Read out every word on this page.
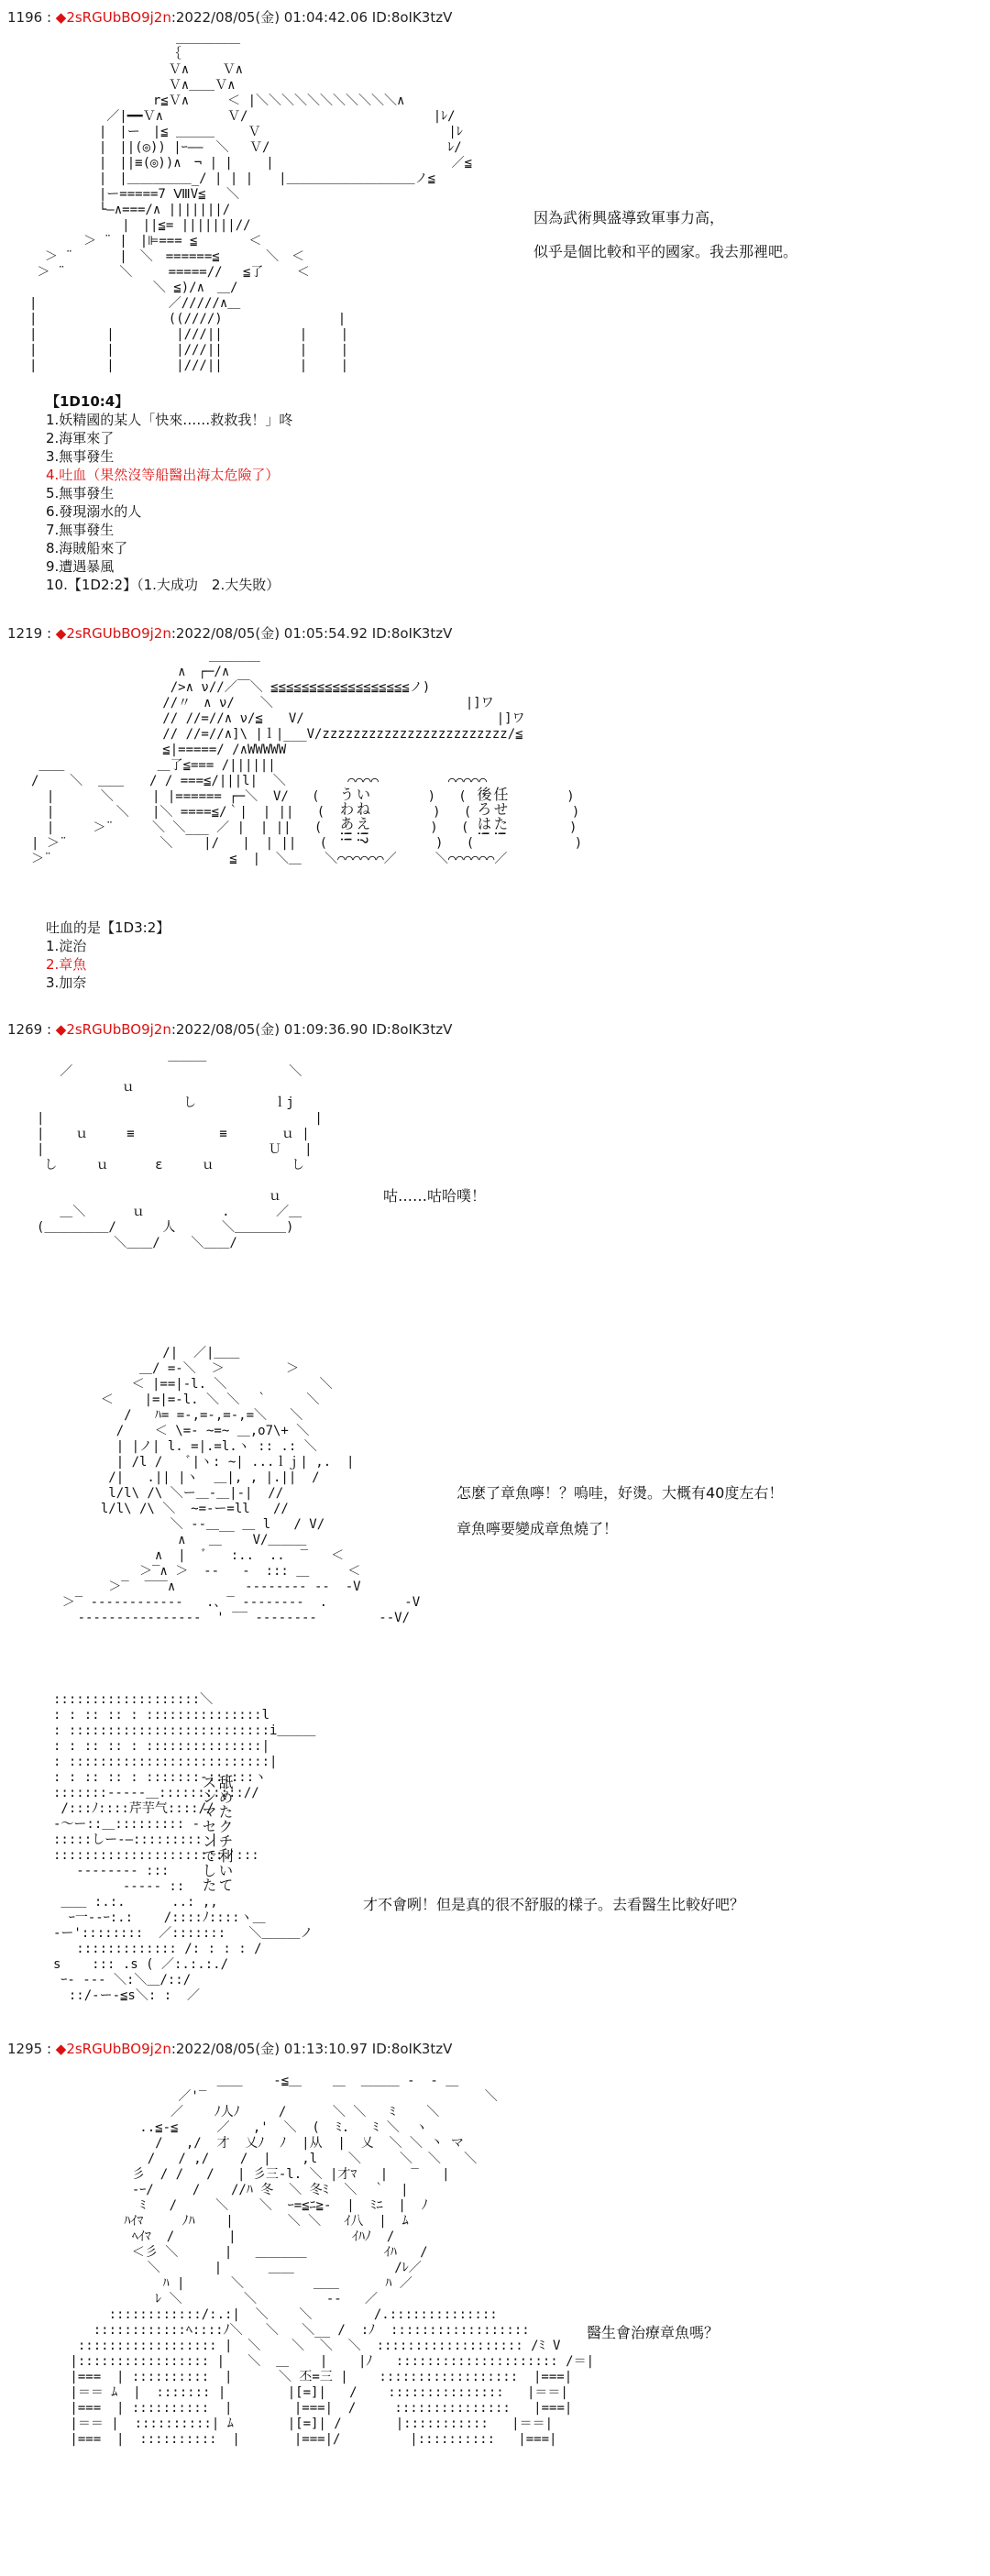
1196 : ◆2sRGUbBO9j2n:2022/08/05(金) 01:04:42.06 ID:8oIK3tzV
＿＿＿＿＿
｛
Ｖ∧　　 Ｖ∧
Ｖ∧＿＿Ｖ∧
r≦Ｖ∧　　　＜ |＼＼＼＼＼＼＼＼＼＼＼∧
／|━━Ｖ∧　　　　　Ｖ/                        |ﾚ/
|　|ー　|≦ ＿＿＿　　 Ｖ　　                     |ﾚ
|　||(◎)) |ｰ――　＼　 Ｖ/                       ﾚ/
|　||≡(◎))∧　¬ | |　　 |                       ／≦
|　|＿＿＿＿＿_/ | | |　　|＿＿＿＿＿＿＿＿＿＿ノ≦
|ー=====7 ⅧV≦　 ＼
└―∧===/∧ |||||||/
|　||≦= |||||||//
＞ ¨ |　|⊫=== ≦　　　　＜
＞ ¨      |　＼　======≦　　　 ＼　＜
＞ ¨       ＼  　 =====//　 ≦了　　 ＜
＼ ≦)/∧　＿/
|                 ／/////∧＿
|                 ((////)　　　　　　　　　|
|         |        |///||　　　　　　|　　 |
|         |        |///||　　　　　　|　　 |
|         |        |///||　　　　　　|　　 |
因為武術興盛導致軍事力高，
似乎是個比較和平的國家。我去那裡吧。
【1D10:4】
1.妖精國的某人「快來……救救我！」咚
2.海軍來了
3.無事發生
4.吐血（果然沒等船醫出海太危險了）
5.無事發生
6.發現溺水的人
7.無事發生
8.海賊船來了
9.遭遇暴風
10.【1D2:2】（1.大成功　2.大失敗）
1219 : ◆2sRGUbBO9j2n:2022/08/05(金) 01:05:54.92 ID:8oIK3tzV
＿＿＿＿
∧　┌─/∧
/>∧ ν//／￣＼ ≦≦≦≦≦≦≦≦≦≦≦≦≦≦≦≦≦≦ノ)
//〃　∧ ν/　　＼　　　　　　　　　　　　　　　|]ワ
// //=//∧ ν/≦　　V/　　　　　　　　　　　　　　　|]ワ
// //=//∧]\ |ｌ|___V/zzzzzzzzzzzzzzzzzzzzzzzz/≦
≦|=====/ /∧WWWWW
＿＿            ＿了≦=== /||||||
/    ＼  ＿＿　　/ / ===≦/|||l|  ＼        ⌒⌒⌒⌒         ⌒⌒⌒⌒⌒
|      ＼     | |====== ┌─＼  V/   (              )   (             )
|        ＼   |＼ ====≦/｀|  | ||   (              )   (             )
|     ＞¨     ＼ ＼___ ／ |  | ||   (              )   (             )
| ＞¨            ＼    |/   |  | ||   (              )   (             )
＞¨                       ≦  |  ＼＿   ＼⌒⌒⌒⌒⌒⌒／     ＼⌒⌒⌒⌒⌒⌒／
いねえ!?
うわあ!!	任せた!
後ろは!
吐血的是【1D3:2】
1.淀治
2.章魚
3.加奈
1269 : ◆2sRGUbBO9j2n:2022/08/05(金) 01:09:36.90 ID:8oIK3tzV
＿＿＿
／                            ＼
ｕ
し          ｌj
|                                   |
|    ｕ     ≡           ≡       ｕ |
|                             Ｕ   |
し     ｕ      ε     ｕ          し

ｕ
＿＼      ｕ          .      ／＿
(＿＿＿＿＿/      人      ＼＿＿＿＿)
＼＿＿/    ＼＿＿/
咕……咕哈噗！
/|  ／|＿＿
＿/ =-＼  ＞        ＞
＜ |==|-l. ＼            ＼
＜    |=|=-l. ＼ ＼  ｀     ＼
/   ﾊ= =-,=-,=-,=＼   ＼
/    ＜ \=- ~=~ ＿,o7\+ ＼
| |ノ| l. =|.=l.ヽ :: .: ＼
| /l /   ﾞ|ヽ: ~| ...ｌｊ| ,.  |
/|   .|| |ヽ  ＿|, , |.||  /
l/l\ /\ ＼ー＿-＿|-|  //
l/l\ /\ ＼  ~=‐ー=ll   //
＼ ‐-＿__ ＿ l   / V/
∧   ＿    V/＿＿＿
∧  |  ﾞ   :..  ..  ‾   ＜
＞‾∧ ＞  ‐‐   ‐  ::: ＿     ＜
＞‾  ‾‾‾∧         ‐‐‐‐‐‐‐‐ ‐‐  ‐V
＞‾ ‐‐‐‐‐‐‐‐‐‐‐‐   .、‾ ‐‐‐‐‐‐‐‐  .          ‐V
‐‐‐‐‐‐‐‐‐‐‐‐‐‐‐‐  ' ‾‾ ‐‐‐‐‐‐‐‐        ‐‐V/
怎麼了章魚嚀！？嗚哇，好燙。大概有40度左右！
章魚嚀要變成章魚燒了！
:::::::::::::::::::＼
: : :: :: : :::::::::::::::l
: ::::::::::::::::::::::::::i＿＿＿
: : :: :: : :::::::::::::::|
: ::::::::::::::::::::::::::|
: : :: :: : :::::::-::::::ヽ
:::::::‐‐‐‐‐＿::::::::::://
/:::ﾉ::::芹芋气:::://
‐〜ー::＿::::::::: ‐
:::::しー‐―::::::::: |
::::::::::::::::::::::ノ:::
‐‐‐‐‐‐‐‐ :::
‐‐‐‐‐ ::
＿＿ :.:.      ..: ,,
ｰ一--ｰ:.:    /::::ﾉ::::ヽ＿
‐ー'::::::::  ／:::::::   ＼＿＿＿ノ
::::::::::::: /: : : : /
s    ::: .s ( ／:.:.:./
ｰ‐ ‐‐‐ ＼:＼＿/::/
::/‐ー‐≦s＼: :  ／
舐めたクチ利いて
スンマセンでした
才不會咧！但是真的很不舒服的樣子。去看醫生比較好吧？
1295 : ◆2sRGUbBO9j2n:2022/08/05(金) 01:13:10.97 ID:8oIK3tzV
＿＿    -≦＿    ＿  ＿＿＿ ‐  - ＿
／'‾                                    ＼
／    ﾉ人ﾉ     /      ＼ ＼   ﾐ    ＼
..≦‐≦     ／   ,'  ＼  (  ﾐ.   ﾐ ＼  ヽ
/   ,/  才  乂ﾉ  ﾉ  |从  |  乂  ＼ ＼ 丶 マ
/   / ,/    /  |    ,l    ＼     ＼  ＼   ＼
彡  / /   /   | 彡三-l. ＼ |才ﾏ   |   ‾   |
‐ｰ/     /    //ﾊ 冬  ＼ 冬ﾐ  ＼  ｀  |
ﾐ   /     ＼    ＼  ｰ=≦ﾆ≧-  |  ﾐﾆ  |  ﾉ
ﾊｲﾏ     ﾉﾊ    |       ＼ ＼   ｲ八  |  ﾑ
ﾍｲﾏ  /       |               ｲﾊﾉ  /
＜彡 ＼      |   ＿＿＿＿          ｲﾊ   /
＼       |      ＿＿             /ﾚ／
ﾊ |      ＼         ＿＿      ﾊ ／
ﾚ ＼        ＼         ‐‐   ／
::::::::::::/:.:|  ＼    ＼        /.::::::::::::::
::::::::::::ﾍ::::ﾉ＼   ＼   ＼__ /  :ﾉ  ::::::::::::::::::
:::::::::::::::::: |  ＼    ＼  ＼  ＼  ::::::::::::::::::: /ﾐ V
|::::::::::::::::: |   ＼  ＿    |    |ﾉ   ::::::::::::::::::::: /＝|
|===  | ::::::::::  |      ＼ 丕=三 |    ::::::::::::::::::  |===|
|＝＝ ﾑ  |  ::::::: |        |[=]|   /    :::::::::::::::   |＝＝|
|===  | ::::::::::  |        |===|  /     :::::::::::::::   |===|
|＝＝ |  ::::::::::| ﾑ       |[=]| /       |:::::::::::   |＝＝|
|===  |  ::::::::::  |       |===|/         |::::::::::   |===|
醫生會治療章魚嗎？
